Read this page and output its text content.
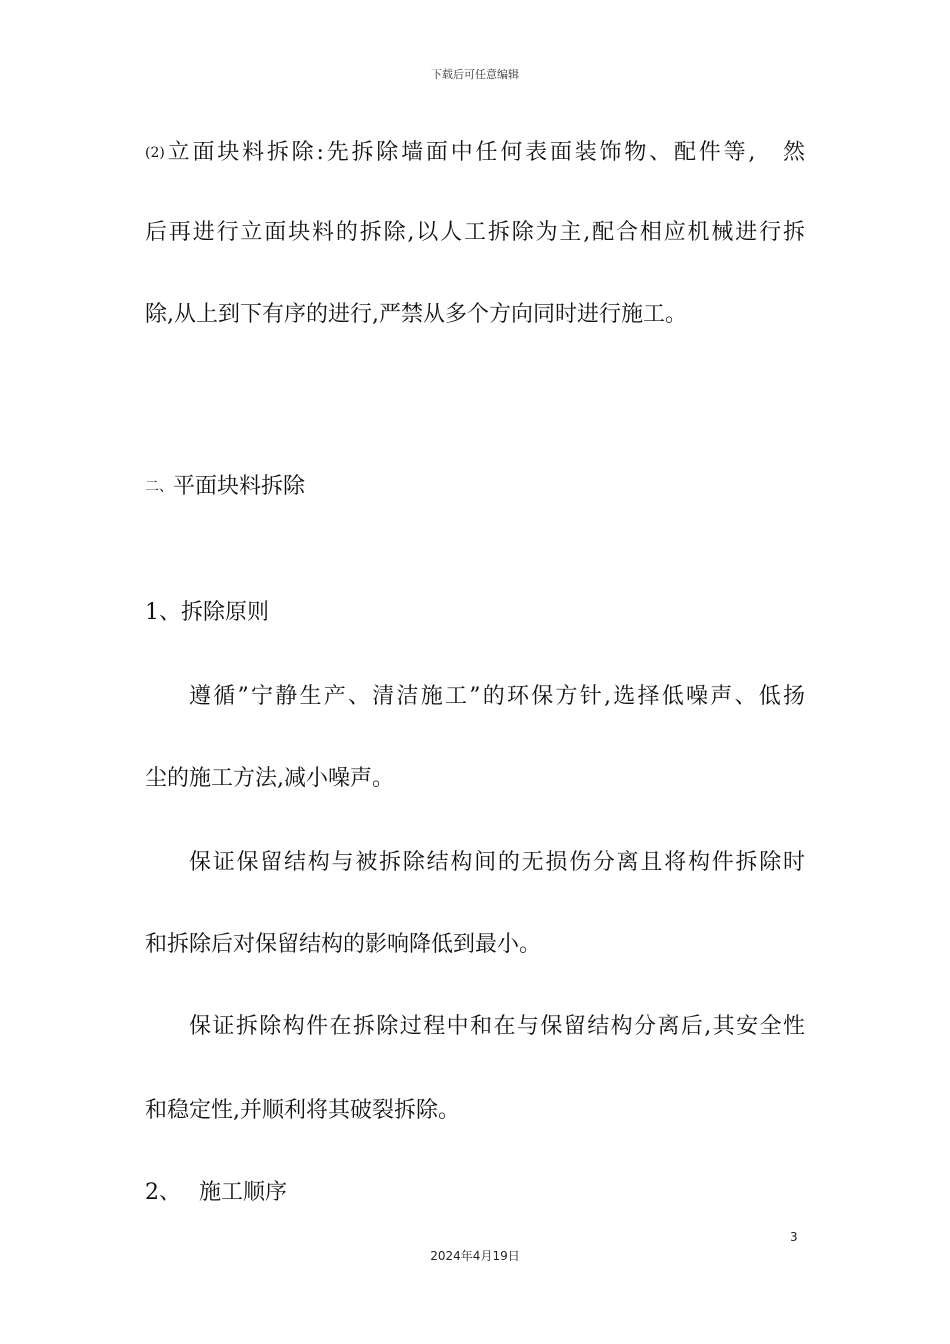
下载后可任意编辑
(2)立面块料拆除:先拆除墙面中任何表面装饰物、配件等,　然
后再进行立面块料的拆除,以人工拆除为主,配合相应机械进行拆
除,从上到下有序的进行,严禁从多个方向同时进行施工。
二、平面块料拆除
1、拆除原则
遵循”宁静生产、清洁施工”的环保方针,选择低噪声、低扬
尘的施工方法,减小噪声。
保证保留结构与被拆除结构间的无损伤分离且将构件拆除时
和拆除后对保留结构的影响降低到最小。
保证拆除构件在拆除过程中和在与保留结构分离后,其安全性
和稳定性,并顺利将其破裂拆除。
2、　 施工顺序
3
2024年4月19日
